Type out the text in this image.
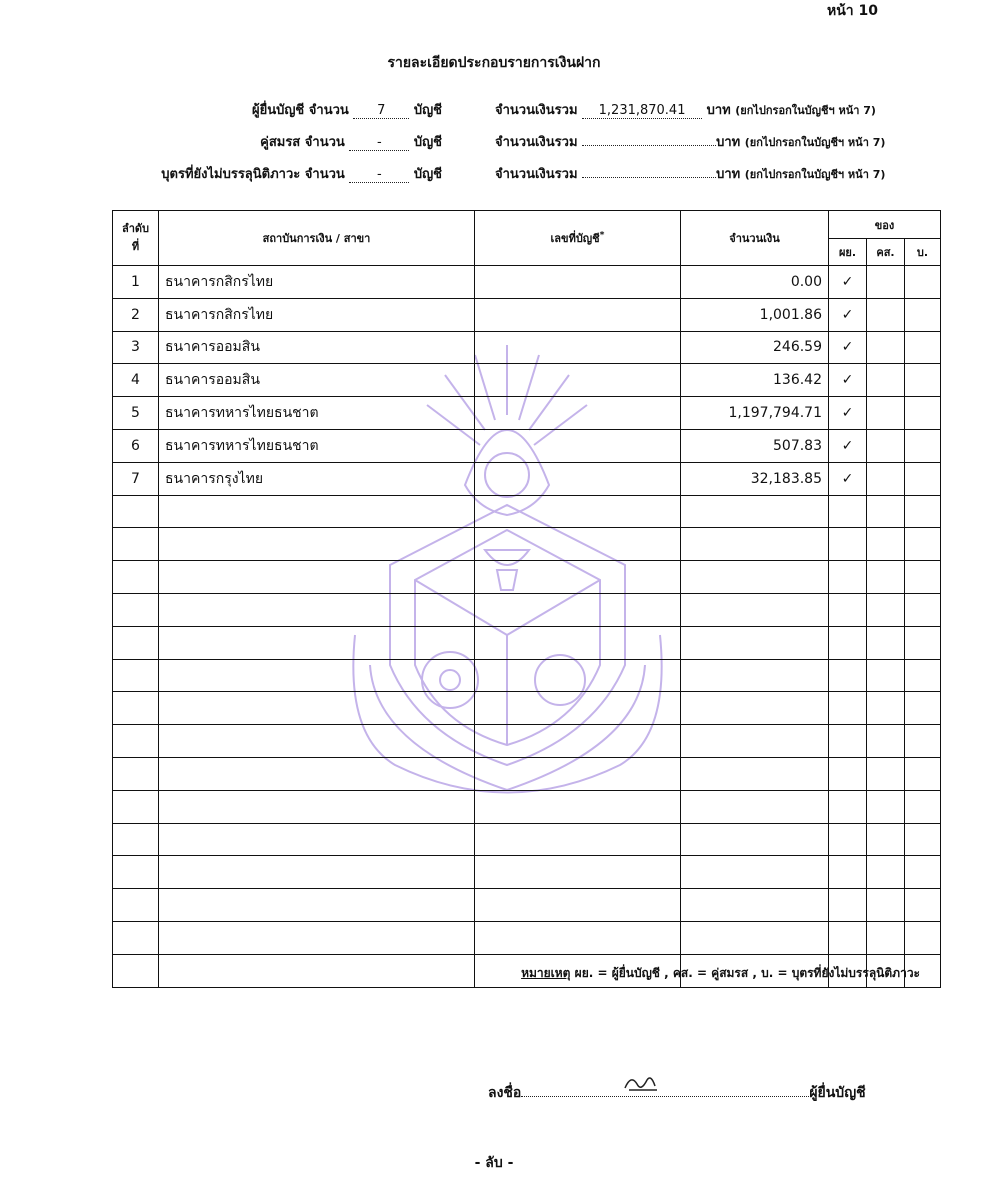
หน้า 10
รายละเอียดประกอบรายการเงินฝาก
ผู้ยื่นบัญชี จำนวน 7 บัญชี	จำนวนเงินรวม 1,231,870.41 บาท (ยกไปกรอกในบัญชีฯ หน้า 7)
คู่สมรส จำนวน - บัญชี	จำนวนเงินรวม	บาท (ยกไปกรอกในบัญชีฯ หน้า 7)
บุตรที่ยังไม่บรรลุนิติภาวะ จำนวน - บัญชี	จำนวนเงินรวม	บาท (ยกไปกรอกในบัญชีฯ หน้า 7)
ลำดับ ที่	สถาบันการเงิน / สาขา	เลขที่บัญชี*	จำนวนเงิน	ของ		
				ผย.	คส.	บ.
1	ธนาคารกสิกรไทย		0.00	✓		
2	ธนาคารกสิกรไทย		1,001.86	✓		
3	ธนาคารออมสิน		246.59	✓		
4	ธนาคารออมสิน		136.42	✓		
5	ธนาคารทหารไทยธนชาต		1,197,794.71	✓		
6	ธนาคารทหารไทยธนชาต		507.83	✓		
7	ธนาคารกรุงไทย		32,183.85	✓		

หมายเหตุ ผย. = ผู้ยื่นบัญชี , คส. = คู่สมรส , บ. = บุตรที่ยังไม่บรรลุนิติภาวะ
ลงชื่อ	ผู้ยื่นบัญชี
- ลับ -
